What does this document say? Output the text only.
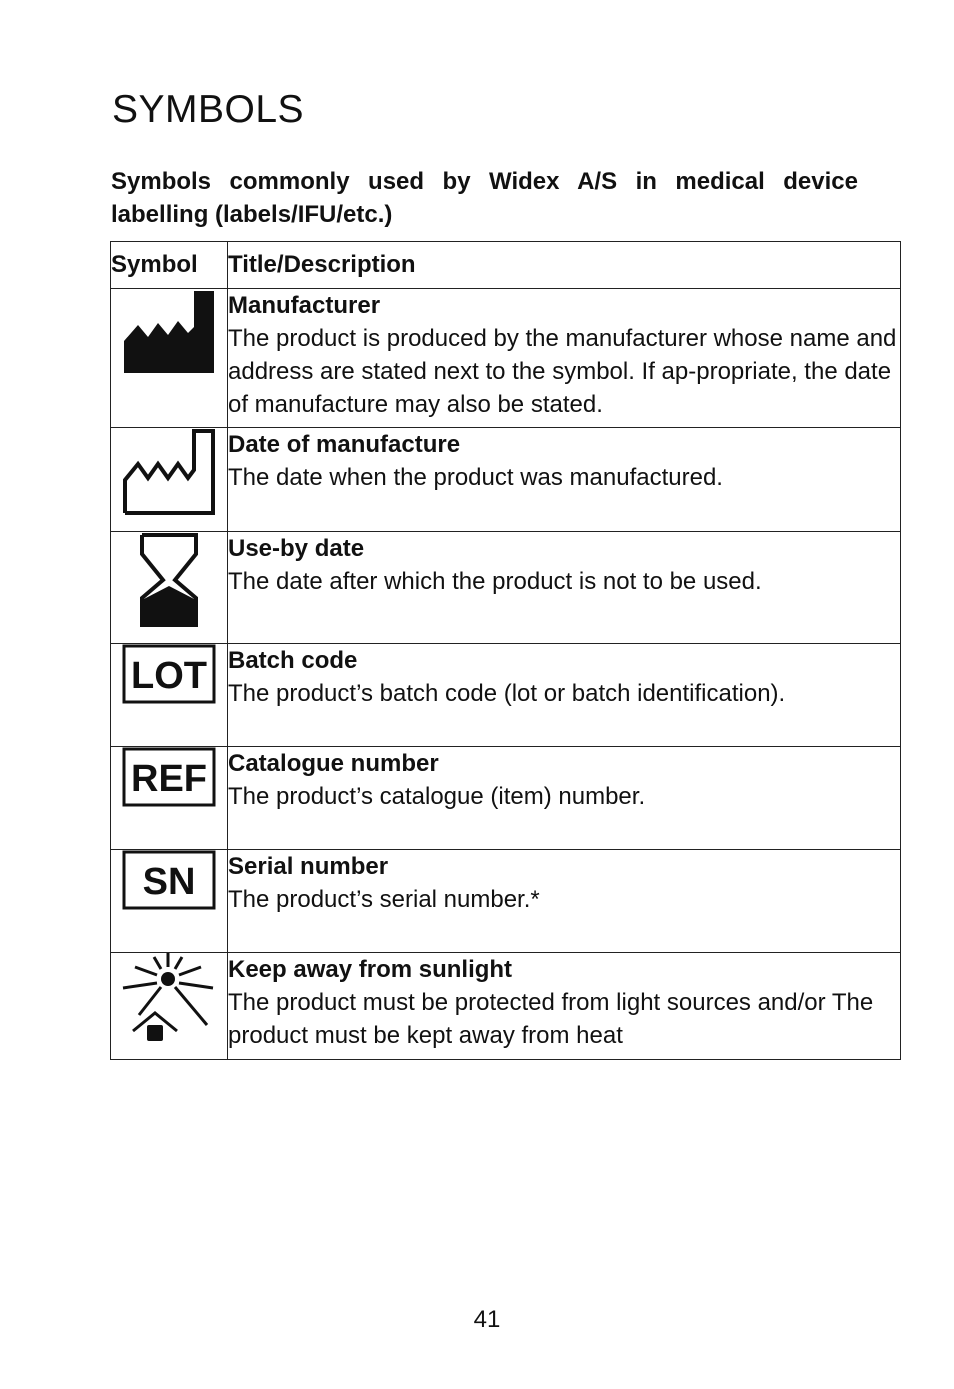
SYMBOLS
Symbols commonly used by Widex A/S in medical device labelling (labels/IFU/etc.)
Symbol	Title/Description

Manufacturer
The product is produced by the manufacturer whose name and address are stated next to the symbol. If ap-propriate, the date of manufacture may also be stated.

Date of manufacture
The date when the product was manufactured.

Use-by date
The date after which the product is not to be used.

LOT	Batch code
The product’s batch code (lot or batch identification).

REF	Catalogue number
The product’s catalogue (item) number.

SN	Serial number
The product’s serial number.*

Keep away from sunlight
The product must be protected from light sources and/or The product must be kept away from heat
41
